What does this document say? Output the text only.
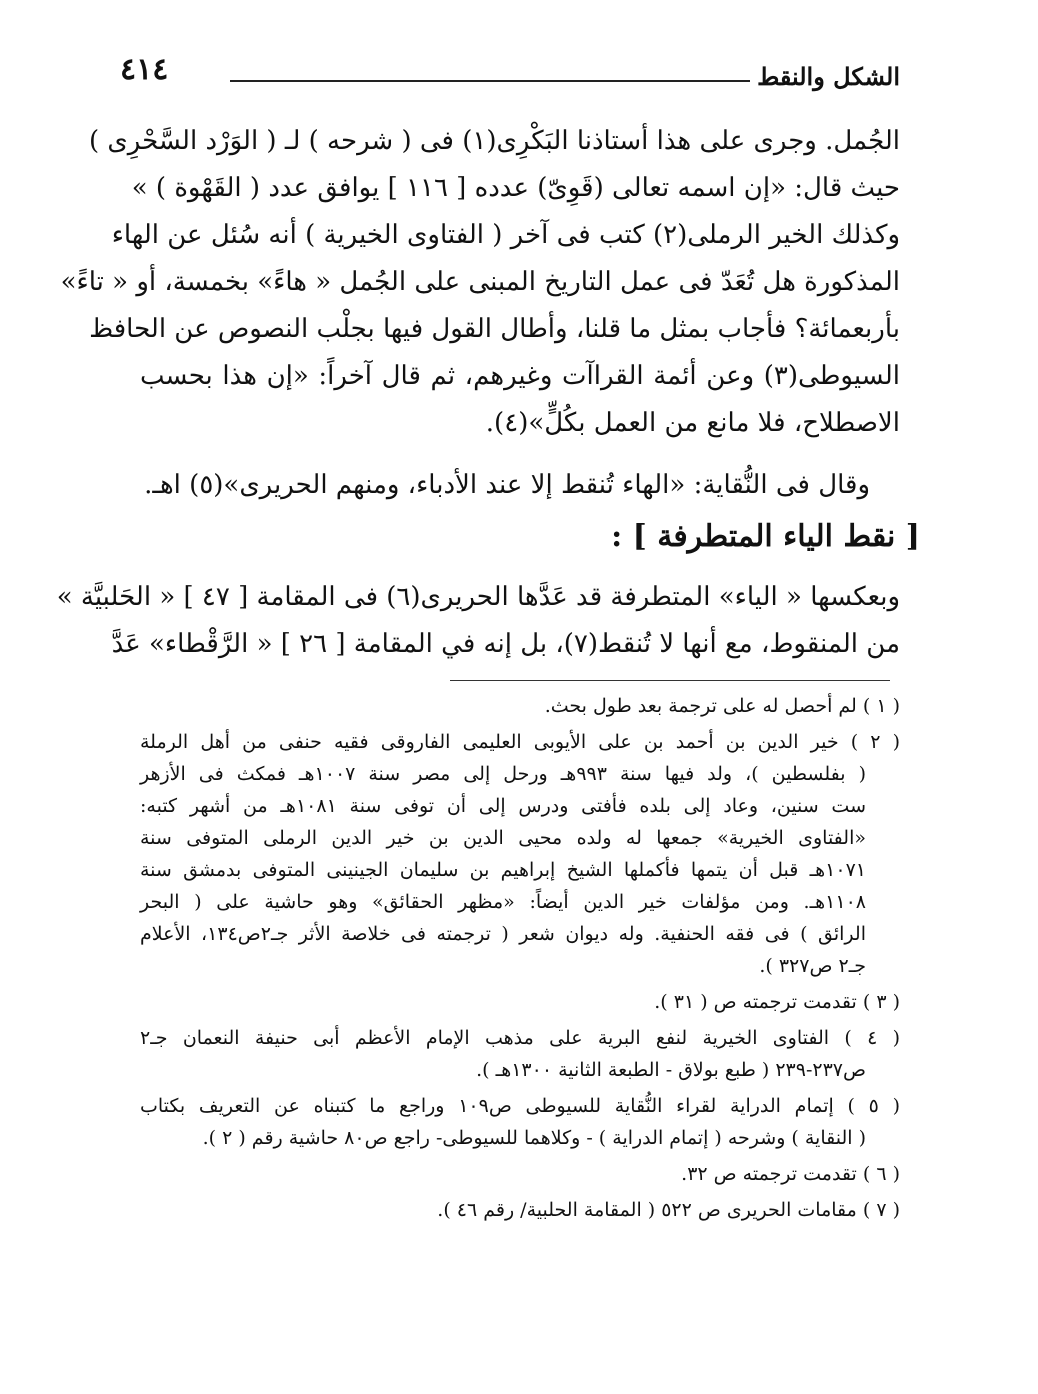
الشكل والنقط
٤١٤
الجُمل. وجرى على هذا أستاذنا البَكْرِى(١) فى ( شرحه ) لـ ( الوَرْد السَّحْرِى )
حيث قال: «إن اسمه تعالى (قَوِىّ) عدده [ ١١٦ ] يوافق عدد ( القَهْوة ) »
وكذلك الخير الرملى(٢) كتب فى آخر ( الفتاوى الخيرية ) أنه سُئل عن الهاء
المذكورة هل تُعَدّ فى عمل التاريخ المبنى على الجُمل « هاءً» بخمسة، أو « تاءً»
بأربعمائة؟ فأجاب بمثل ما قلنا، وأطال القول فيها بجلْب النصوص عن الحافظ
السيوطى(٣) وعن أئمة القراآت وغيرهم، ثم قال آخراً: «إن هذا بحسب
الاصطلاح، فلا مانع من العمل بكُلٍّ»(٤).
وقال فى النُّقاية: «الهاء تُنقط إلا عند الأدباء، ومنهم الحريرى»(٥) اهـ.
[ نقط الياء المتطرفة ] :
وبعكسها « الياء» المتطرفة قد عَدَّها الحريرى(٦) فى المقامة [ ٤٧ ] « الحَلبيَّة »
من المنقوط، مع أنها لا تُنقط(٧)، بل إنه في المقامة [ ٢٦ ] « الرَّقْطاء» عَدَّ
( ١ ) لم أحصل له على ترجمة بعد طول بحث.
( ٢ ) خير الدين بن أحمد بن على الأيوبى العليمى الفاروقى فقيه حنفى من أهل الرملة
( بفلسطين )، ولد فيها سنة ٩٩٣هـ ورحل إلى مصر سنة ١٠٠٧هـ فمكث فى الأزهر
ست سنين، وعاد إلى بلده فأفتى ودرس إلى أن توفى سنة ١٠٨١هـ من أشهر كتبه:
«الفتاوى الخيرية» جمعها له ولده محيى الدين بن خير الدين الرملى المتوفى سنة
١٠٧١هـ قبل أن يتمها فأكملها الشيخ إبراهيم بن سليمان الجينينى المتوفى بدمشق سنة
١١٠٨هـ. ومن مؤلفات خير الدين أيضاً: «مظهر الحقائق» وهو حاشية على ( البحر
الرائق ) فى فقه الحنفية. وله ديوان شعر ( ترجمته فى خلاصة الأثر جـ٢ص١٣٤، الأعلام
جـ٢ ص٣٢٧ ).
( ٣ ) تقدمت ترجمته ص ( ٣١ ).
( ٤ ) الفتاوى الخيرية لنفع البرية على مذهب الإمام الأعظم أبى حنيفة النعمان جـ٢
ص٢٣٧-٢٣٩ ( طبع بولاق - الطبعة الثانية ١٣٠٠هـ ).
( ٥ ) إتمام الدراية لقراء النُّقاية للسيوطى ص١٠٩ وراجع ما كتبناه عن التعريف بكتاب
( النقاية ) وشرحه ( إتمام الدراية ) - وكلاهما للسيوطى- راجع ص٨٠ حاشية رقم ( ٢ ).
( ٦ ) تقدمت ترجمته ص ٣٢.
( ٧ ) مقامات الحريرى ص ٥٢٢ ( المقامة الحلبية/ رقم ٤٦ ).
